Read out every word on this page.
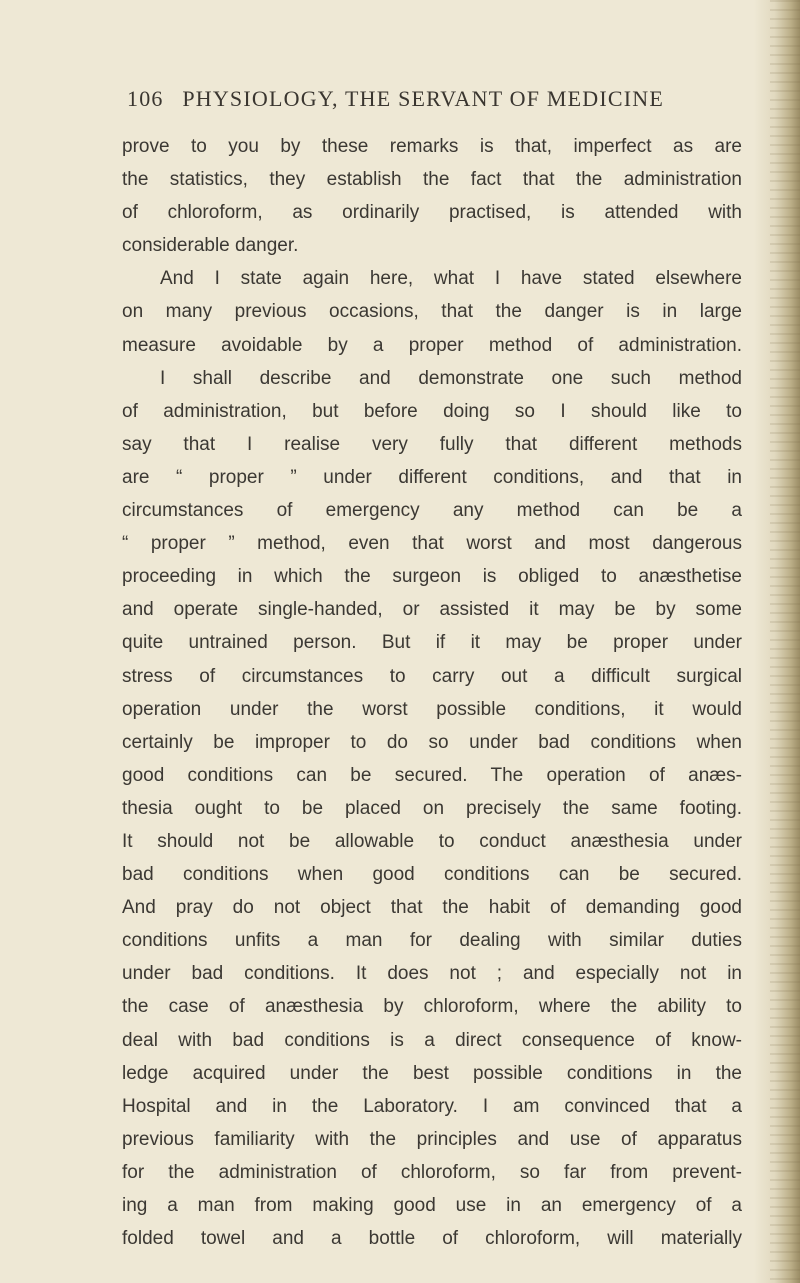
106 PHYSIOLOGY, THE SERVANT OF MEDICINE
prove to you by these remarks is that, imperfect as are
the statistics, they establish the fact that the administration
of chloroform, as ordinarily practised, is attended with
considerable danger.
And I state again here, what I have stated elsewhere
on many previous occasions, that the danger is in large
measure avoidable by a proper method of administration.
I shall describe and demonstrate one such method
of administration, but before doing so I should like to
say that I realise very fully that different methods
are “ proper ” under different conditions, and that in
circumstances of emergency any method can be a
“ proper ” method, even that worst and most dangerous
proceeding in which the surgeon is obliged to anæsthetise
and operate single-handed, or assisted it may be by some
quite untrained person. But if it may be proper under
stress of circumstances to carry out a difficult surgical
operation under the worst possible conditions, it would
certainly be improper to do so under bad conditions when
good conditions can be secured. The operation of anæs-
thesia ought to be placed on precisely the same footing.
It should not be allowable to conduct anæsthesia under
bad conditions when good conditions can be secured.
And pray do not object that the habit of demanding good
conditions unfits a man for dealing with similar duties
under bad conditions. It does not ; and especially not in
the case of anæsthesia by chloroform, where the ability to
deal with bad conditions is a direct consequence of know-
ledge acquired under the best possible conditions in the
Hospital and in the Laboratory. I am convinced that a
previous familiarity with the principles and use of apparatus
for the administration of chloroform, so far from prevent-
ing a man from making good use in an emergency of a
folded towel and a bottle of chloroform, will materially
